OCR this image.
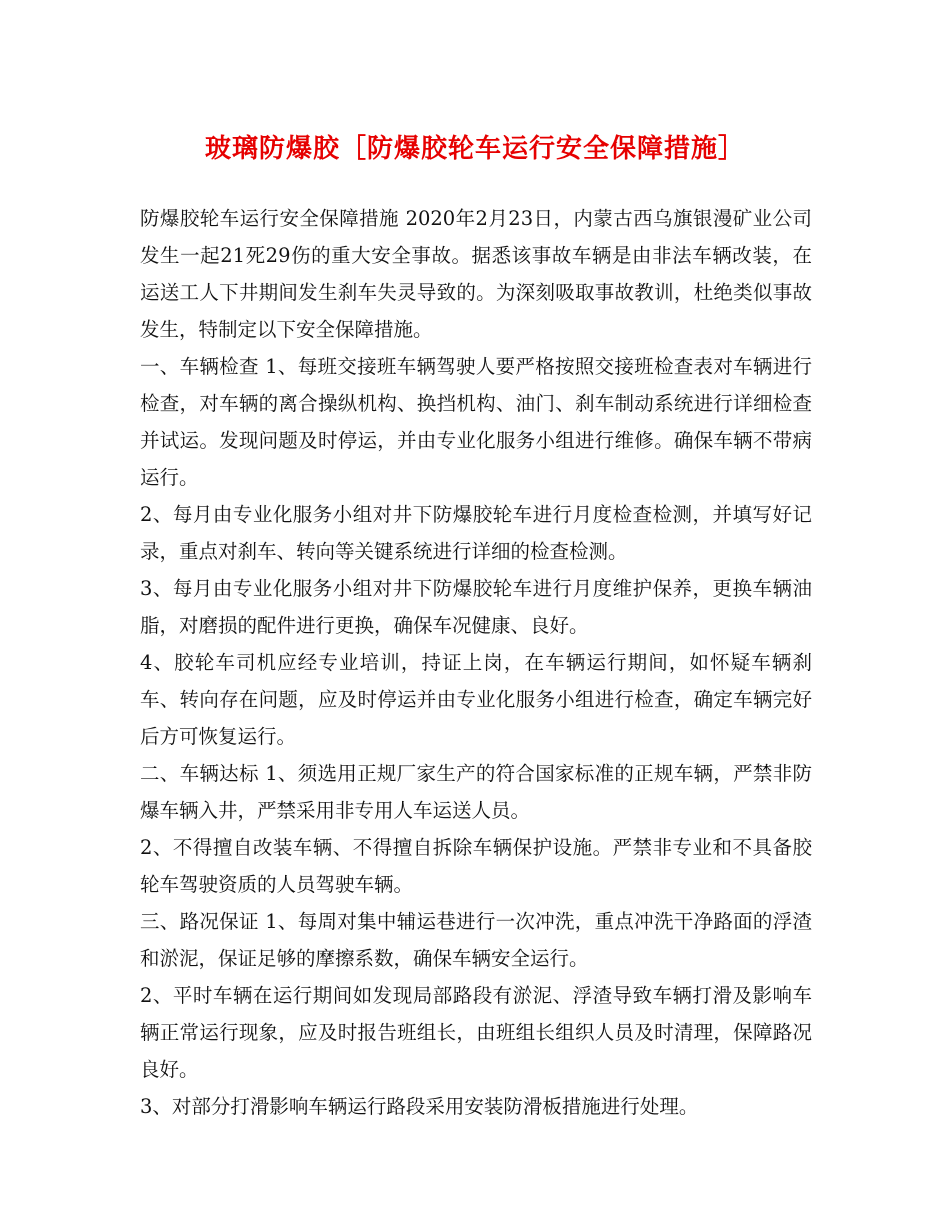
玻璃防爆胶［防爆胶轮车运行安全保障措施］

防爆胶轮车运行安全保障措施 2020年2月23日，内蒙古西乌旗银漫矿业公司发生一起21死29伤的重大安全事故。据悉该事故车辆是由非法车辆改装，在运送工人下井期间发生刹车失灵导致的。为深刻吸取事故教训，杜绝类似事故发生，特制定以下安全保障措施。

一、车辆检查 1、每班交接班车辆驾驶人要严格按照交接班检查表对车辆进行检查，对车辆的离合操纵机构、换挡机构、油门、刹车制动系统进行详细检查并试运。发现问题及时停运，并由专业化服务小组进行维修。确保车辆不带病运行。

2、每月由专业化服务小组对井下防爆胶轮车进行月度检查检测，并填写好记录，重点对刹车、转向等关键系统进行详细的检查检测。

3、每月由专业化服务小组对井下防爆胶轮车进行月度维护保养，更换车辆油脂，对磨损的配件进行更换，确保车况健康、良好。

4、胶轮车司机应经专业培训，持证上岗，在车辆运行期间，如怀疑车辆刹车、转向存在问题，应及时停运并由专业化服务小组进行检查，确定车辆完好后方可恢复运行。

二、车辆达标 1、须选用正规厂家生产的符合国家标准的正规车辆，严禁非防爆车辆入井，严禁采用非专用人车运送人员。

2、不得擅自改装车辆、不得擅自拆除车辆保护设施。严禁非专业和不具备胶轮车驾驶资质的人员驾驶车辆。

三、路况保证 1、每周对集中辅运巷进行一次冲洗，重点冲洗干净路面的浮渣和淤泥，保证足够的摩擦系数，确保车辆安全运行。

2、平时车辆在运行期间如发现局部路段有淤泥、浮渣导致车辆打滑及影响车辆正常运行现象，应及时报告班组长，由班组长组织人员及时清理，保障路况良好。

3、对部分打滑影响车辆运行路段采用安装防滑板措施进行处理。
